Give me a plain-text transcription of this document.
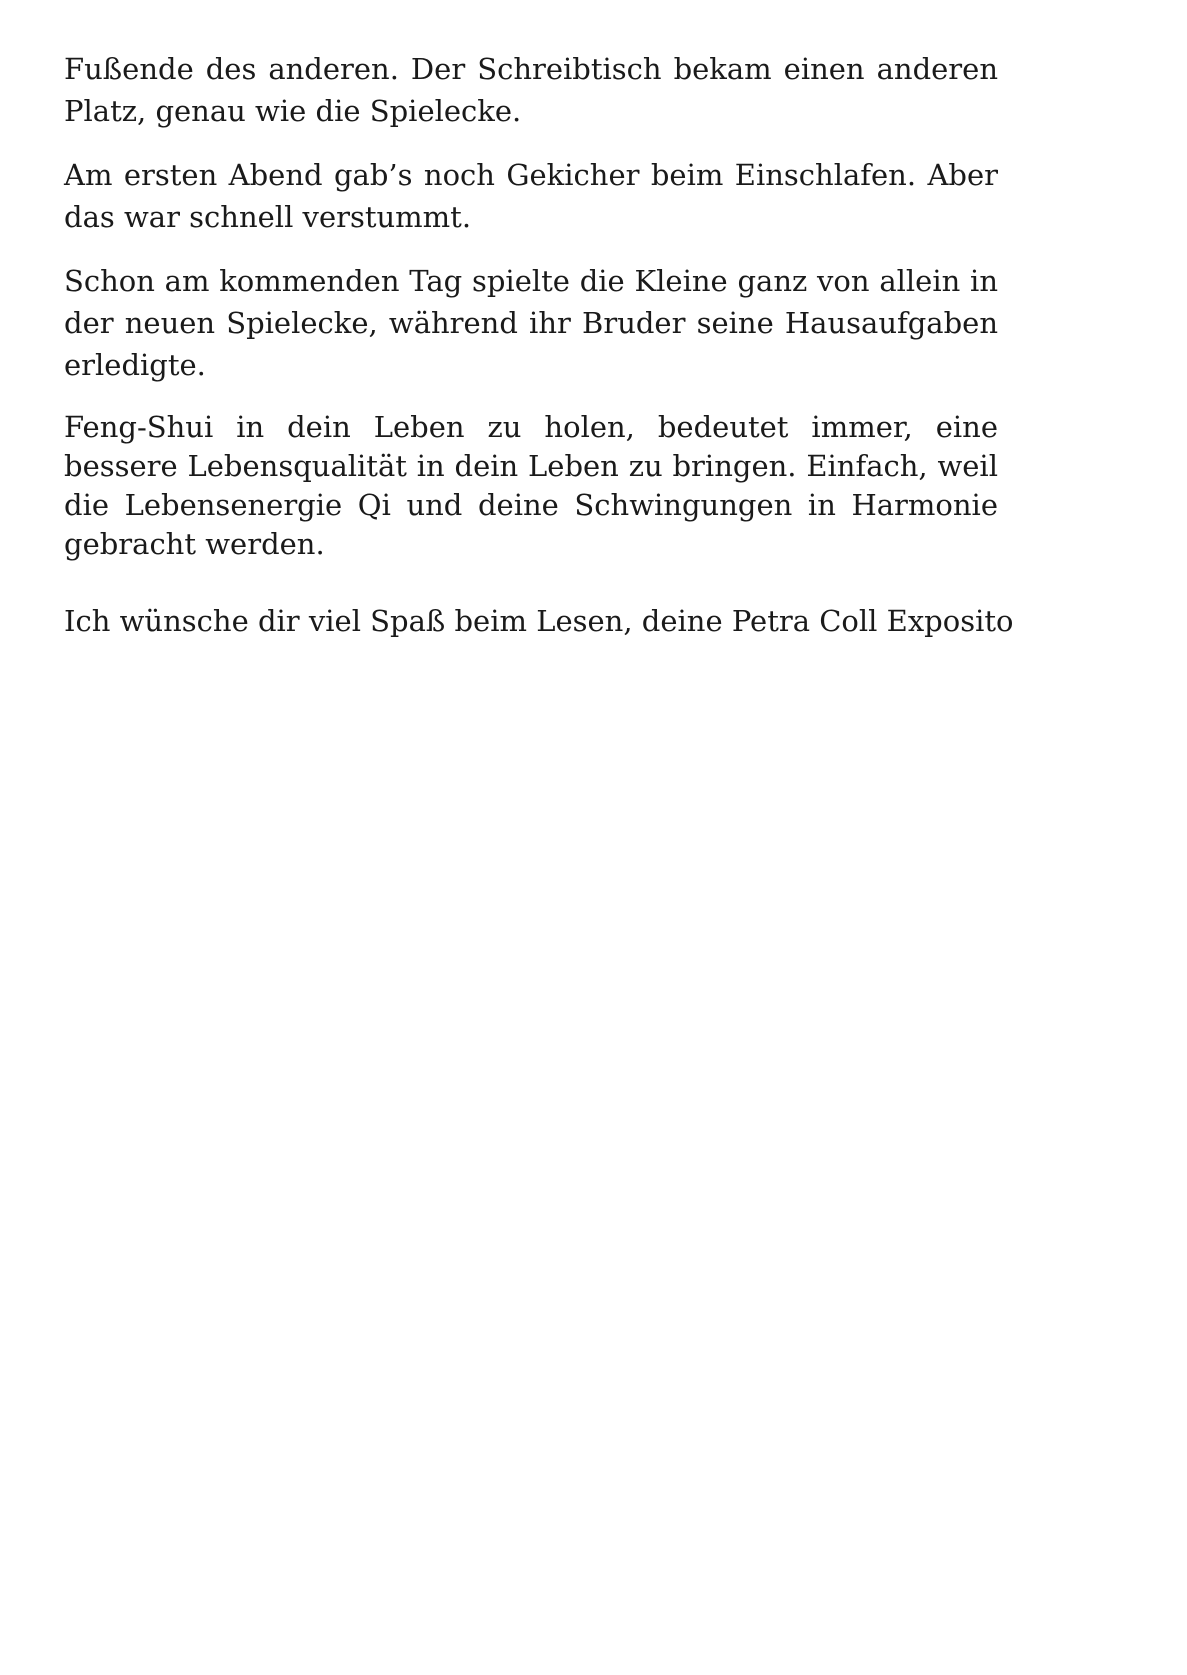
Fußende des anderen. Der Schreibtisch bekam einen anderen Platz, genau wie die Spielecke.

Am ersten Abend gab’s noch Gekicher beim Einschlafen. Aber das war schnell verstummt.

Schon am kommenden Tag spielte die Kleine ganz von allein in der neuen Spielecke, während ihr Bruder seine Hausaufgaben erledigte.

Feng-Shui in dein Leben zu holen, bedeutet immer, eine bessere Lebensqualität in dein Leben zu bringen. Einfach, weil die Lebensenergie Qi und deine Schwingungen in Harmonie gebracht werden.

Ich wünsche dir viel Spaß beim Lesen, deine Petra Coll Exposito
